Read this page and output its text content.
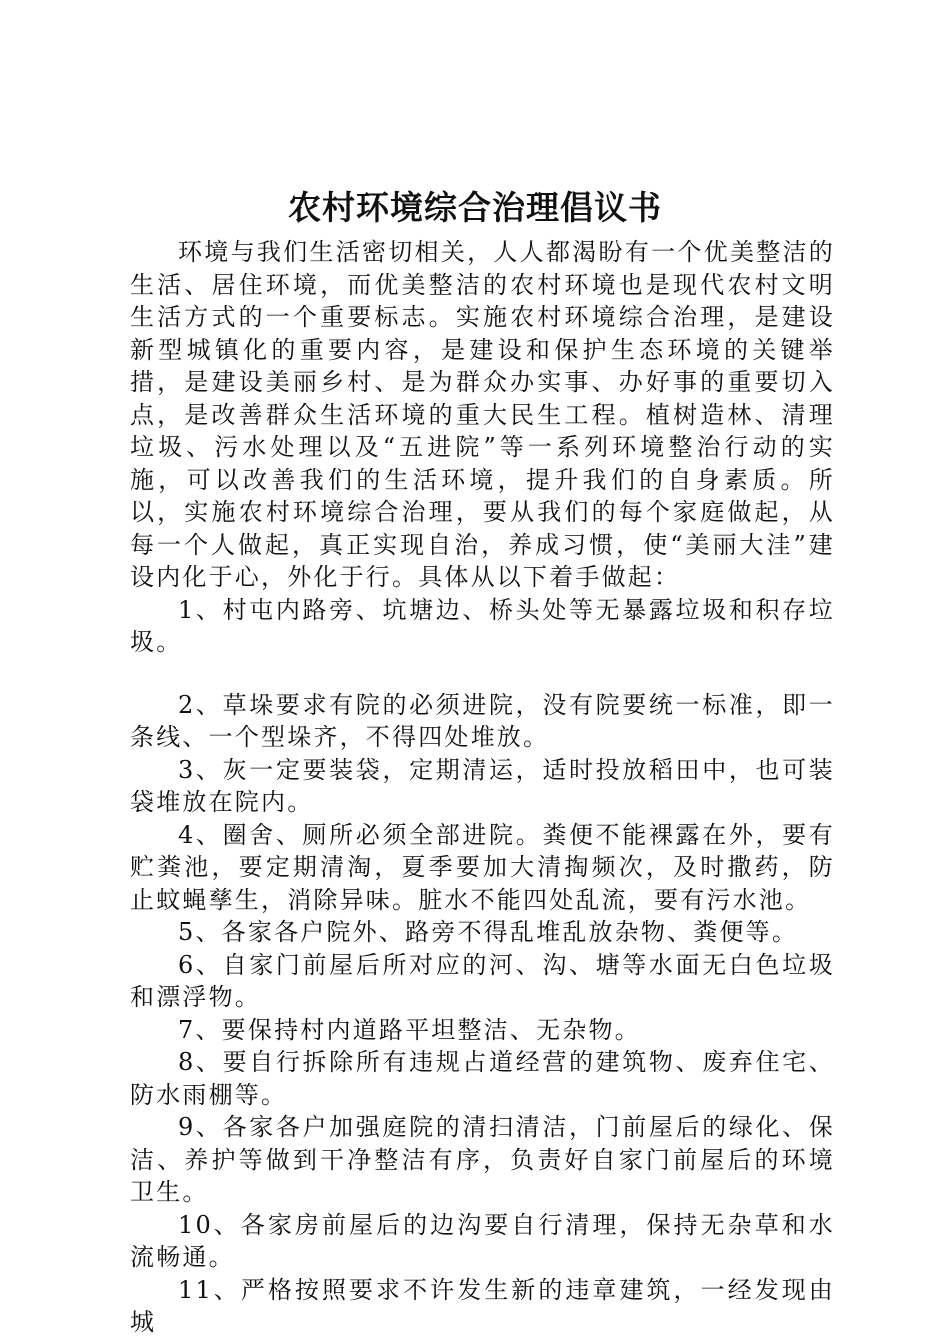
农村环境综合治理倡议书

环境与我们生活密切相关，人人都渴盼有一个优美整洁的生活、居住环境，而优美整洁的农村环境也是现代农村文明生活方式的一个重要标志。实施农村环境综合治理，是建设新型城镇化的重要内容，是建设和保护生态环境的关键举措，是建设美丽乡村、是为群众办实事、办好事的重要切入点，是改善群众生活环境的重大民生工程。植树造林、清理垃圾、污水处理以及“五进院”等一系列环境整治行动的实施，可以改善我们的生活环境，提升我们的自身素质。所以，实施农村环境综合治理，要从我们的每个家庭做起，从每一个人做起，真正实现自治，养成习惯，使“美丽大洼”建设内化于心，外化于行。具体从以下着手做起：

1、村屯内路旁、坑塘边、桥头处等无暴露垃圾和积存垃圾。

2、草垛要求有院的必须进院，没有院要统一标准，即一条线、一个型垛齐，不得四处堆放。

3、灰一定要装袋，定期清运，适时投放稻田中，也可装袋堆放在院内。

4、圈舍、厕所必须全部进院。粪便不能裸露在外，要有贮粪池，要定期清淘，夏季要加大清掏频次，及时撒药，防止蚊蝇孳生，消除异味。脏水不能四处乱流，要有污水池。

5、各家各户院外、路旁不得乱堆乱放杂物、粪便等。

6、自家门前屋后所对应的河、沟、塘等水面无白色垃圾和漂浮物。

7、要保持村内道路平坦整洁、无杂物。

8、要自行拆除所有违规占道经营的建筑物、废弃住宅、防水雨棚等。

9、各家各户加强庭院的清扫清洁，门前屋后的绿化、保洁、养护等做到干净整洁有序，负责好自家门前屋后的环境卫生。

10、各家房前屋后的边沟要自行清理，保持无杂草和水流畅通。

11、严格按照要求不许发生新的违章建筑，一经发现由城
